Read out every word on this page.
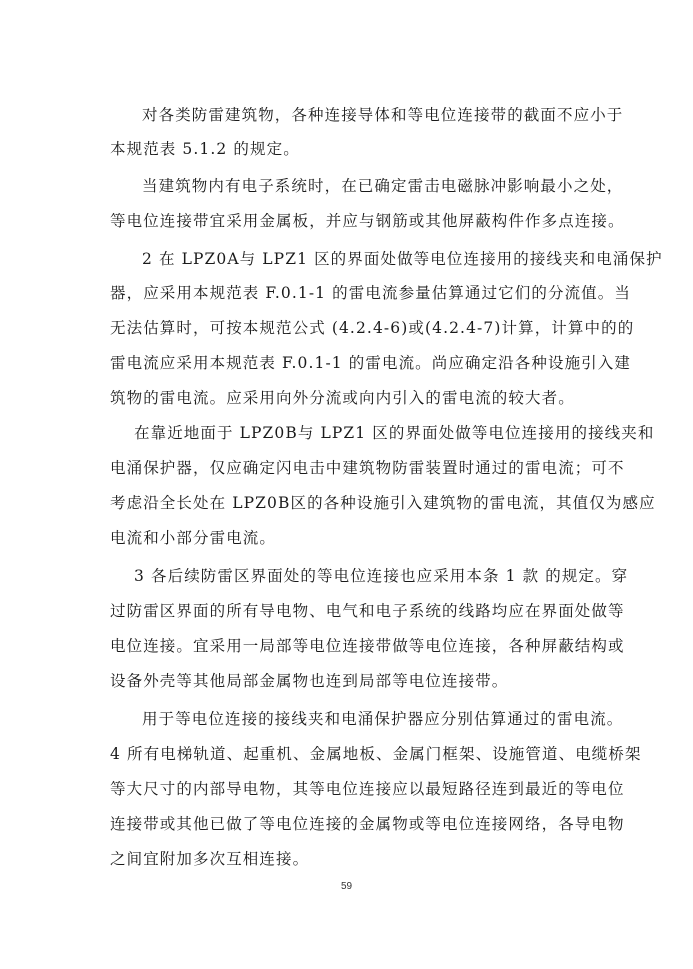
对各类防雷建筑物，各种连接导体和等电位连接带的截面不应小于
本规范表 5.1.2 的规定。
当建筑物内有电子系统时，在已确定雷击电磁脉冲影响最小之处，
等电位连接带宜采用金属板，并应与钢筋或其他屏蔽构件作多点连接。
2 在 LPZ0A与 LPZ1 区的界面处做等电位连接用的接线夹和电涌保护
器，应采用本规范表 F.0.1-1 的雷电流参量估算通过它们的分流值。当
无法估算时，可按本规范公式 (4.2.4-6)或(4.2.4-7)计算，计算中的的
雷电流应采用本规范表 F.0.1-1 的雷电流。尚应确定沿各种设施引入建
筑物的雷电流。应采用向外分流或向内引入的雷电流的较大者。
在靠近地面于 LPZ0B与 LPZ1 区的界面处做等电位连接用的接线夹和
电涌保护器，仅应确定闪电击中建筑物防雷装置时通过的雷电流；可不
考虑沿全长处在 LPZ0B区的各种设施引入建筑物的雷电流，其值仅为感应
电流和小部分雷电流。
3 各后续防雷区界面处的等电位连接也应采用本条 1 款 的规定。穿
过防雷区界面的所有导电物、电气和电子系统的线路均应在界面处做等
电位连接。宜采用一局部等电位连接带做等电位连接，各种屏蔽结构或
设备外壳等其他局部金属物也连到局部等电位连接带。
用于等电位连接的接线夹和电涌保护器应分别估算通过的雷电流。
4 所有电梯轨道、起重机、金属地板、金属门框架、设施管道、电缆桥架
等大尺寸的内部导电物，其等电位连接应以最短路径连到最近的等电位
连接带或其他已做了等电位连接的金属物或等电位连接网络，各导电物
之间宜附加多次互相连接。
59
